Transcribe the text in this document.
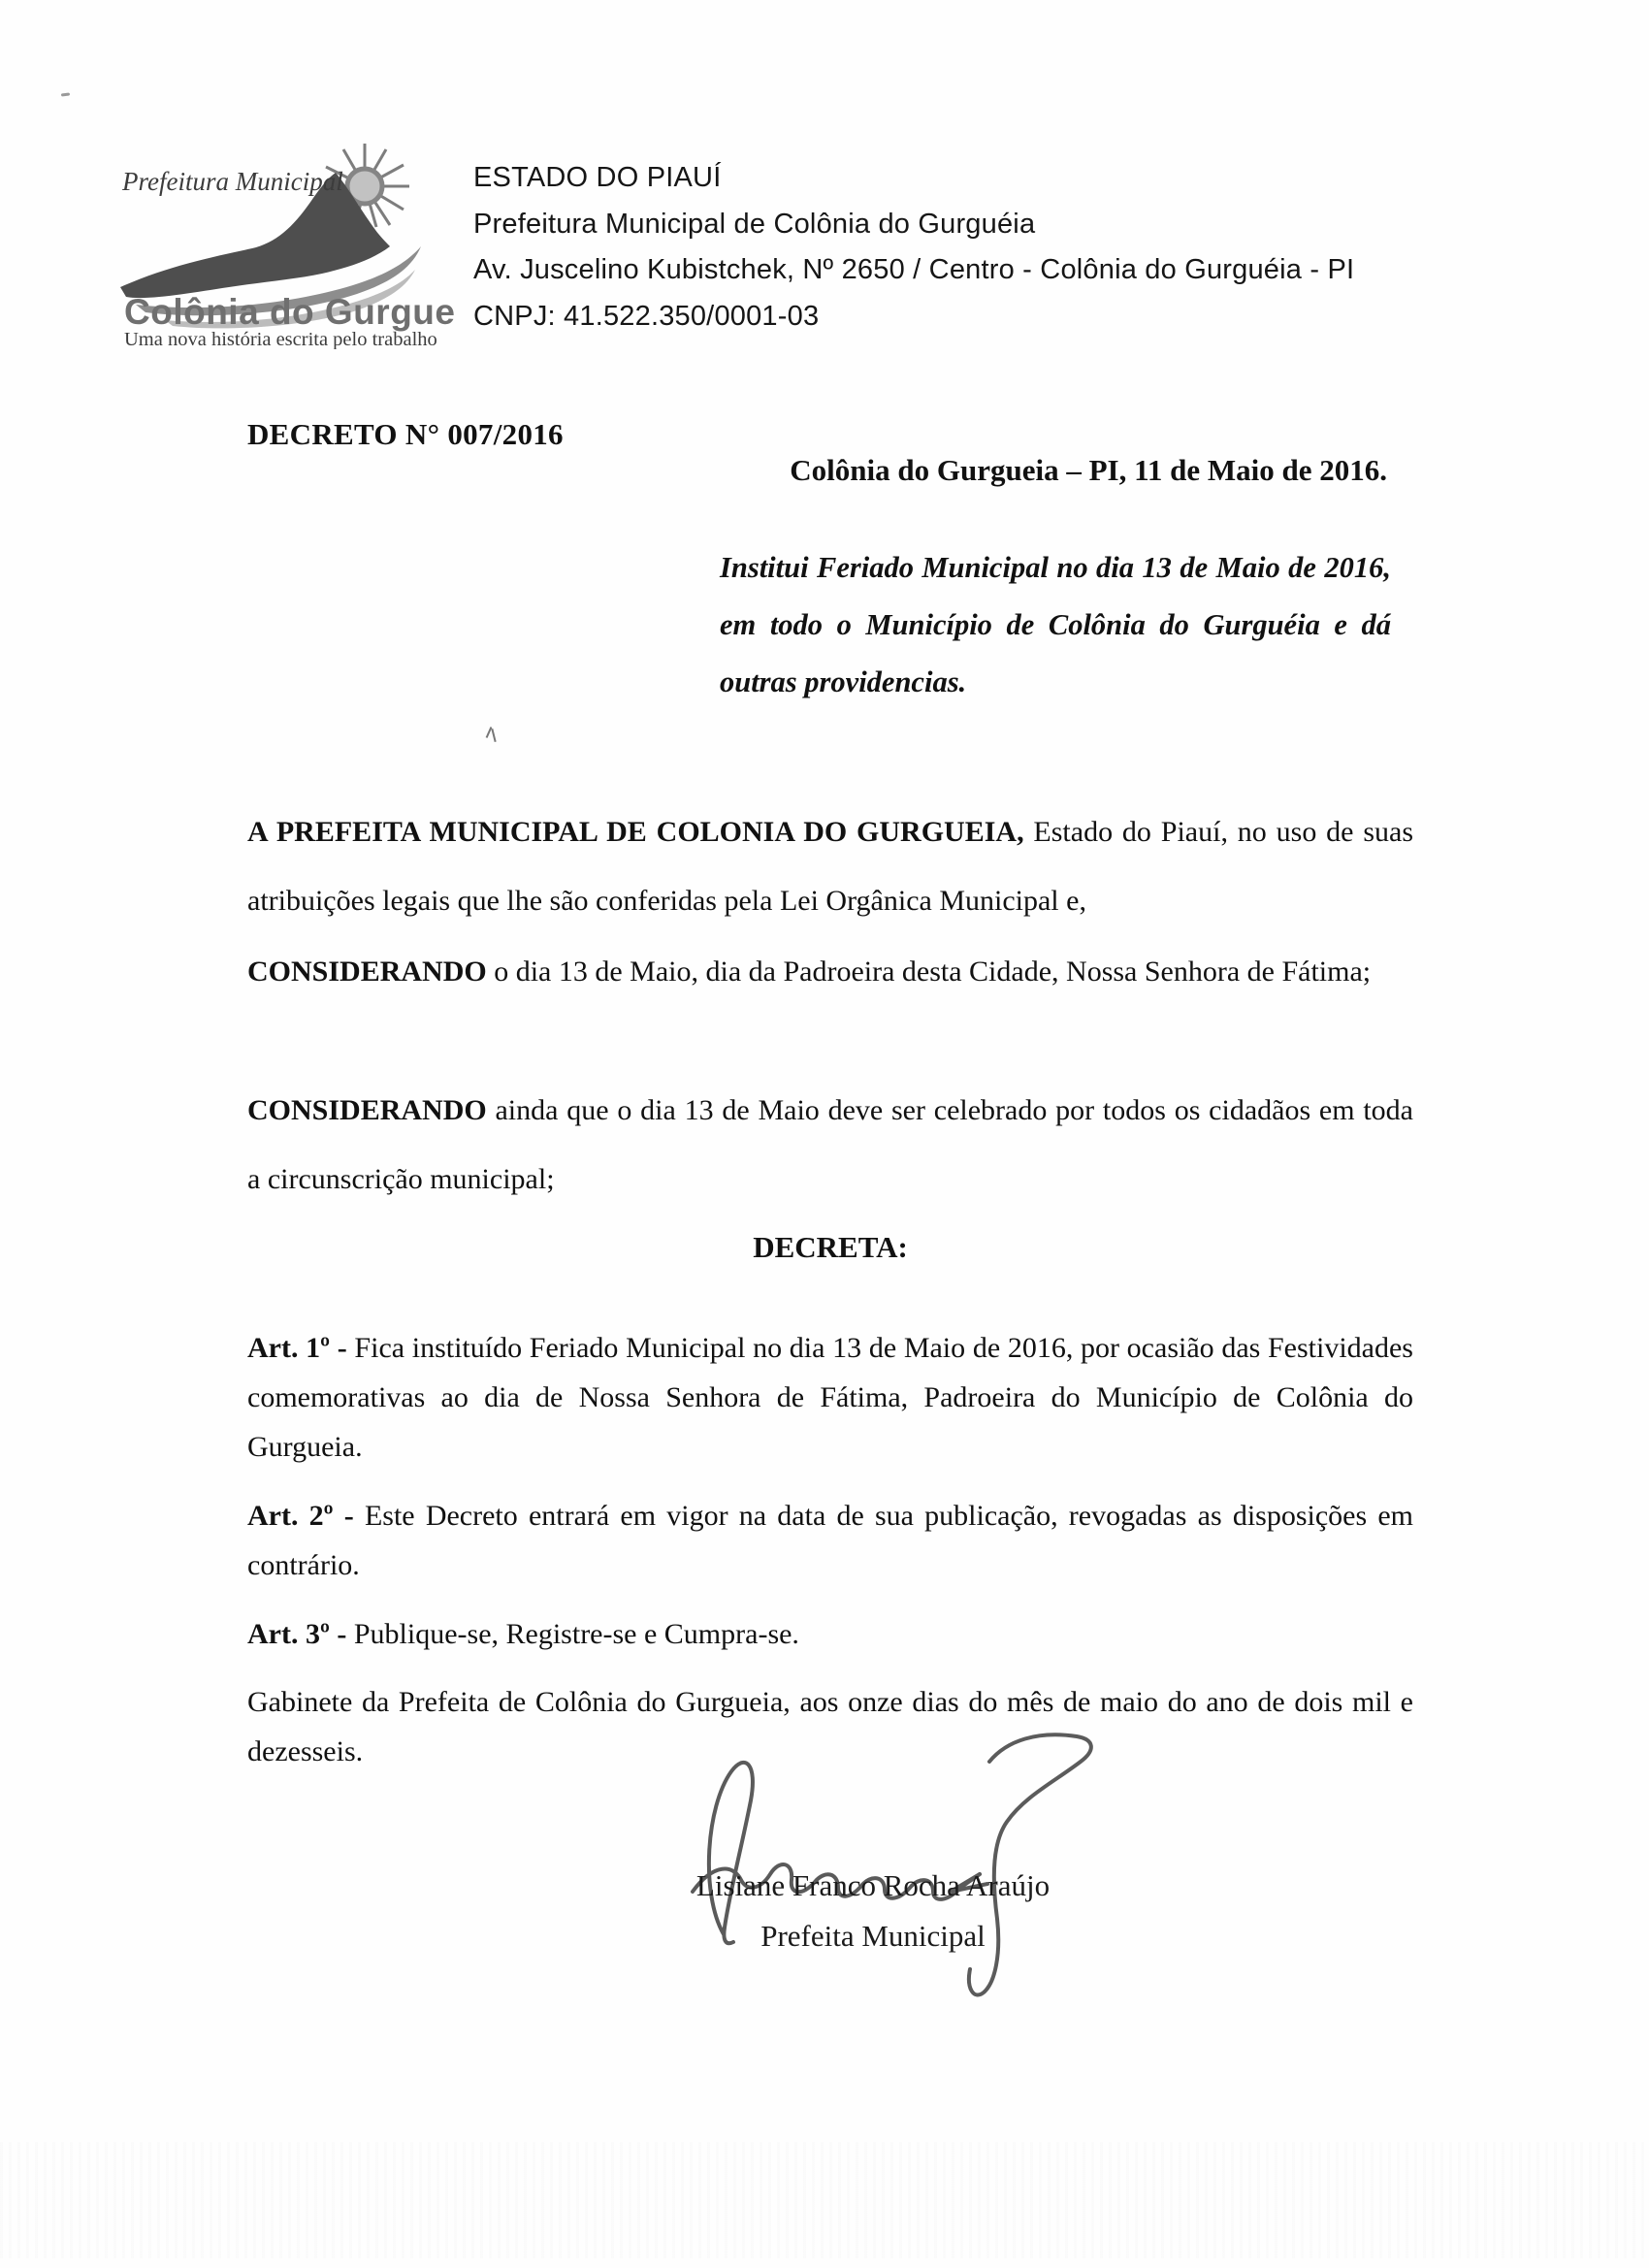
Prefeitura Municipal
Colônia do Gurgueia
Uma nova história escrita pelo trabalho
ESTADO DO PIAUÍ
Prefeitura Municipal de Colônia do Gurguéia
Av. Juscelino Kubistchek, Nº 2650 / Centro - Colônia do Gurguéia - PI
CNPJ: 41.522.350/0001-03
DECRETO N° 007/2016
Colônia do Gurgueia – PI, 11 de Maio de 2016.
Institui Feriado Municipal no dia 13 de Maio de 2016, em todo o Município de Colônia do Gurguéia e dá outras providencias.
A PREFEITA MUNICIPAL DE COLONIA DO GURGUEIA, Estado do Piauí, no uso de suas atribuições legais que lhe são conferidas pela Lei Orgânica Municipal e,
CONSIDERANDO o dia 13 de Maio, dia da Padroeira desta Cidade, Nossa Senhora de Fátima;
CONSIDERANDO ainda que o dia 13 de Maio deve ser celebrado por todos os cidadãos em toda a circunscrição municipal;
DECRETA:
Art. 1º - Fica instituído Feriado Municipal no dia 13 de Maio de 2016, por ocasião das Festividades comemorativas ao dia de Nossa Senhora de Fátima, Padroeira do Município de Colônia do Gurgueia.
Art. 2º - Este Decreto entrará em vigor na data de sua publicação, revogadas as disposições em contrário.
Art. 3º - Publique-se, Registre-se e Cumpra-se.
Gabinete da Prefeita de Colônia do Gurgueia, aos onze dias do mês de maio do ano de dois mil e dezesseis.
Lisiane Franco Rocha Araújo
Prefeita Municipal
